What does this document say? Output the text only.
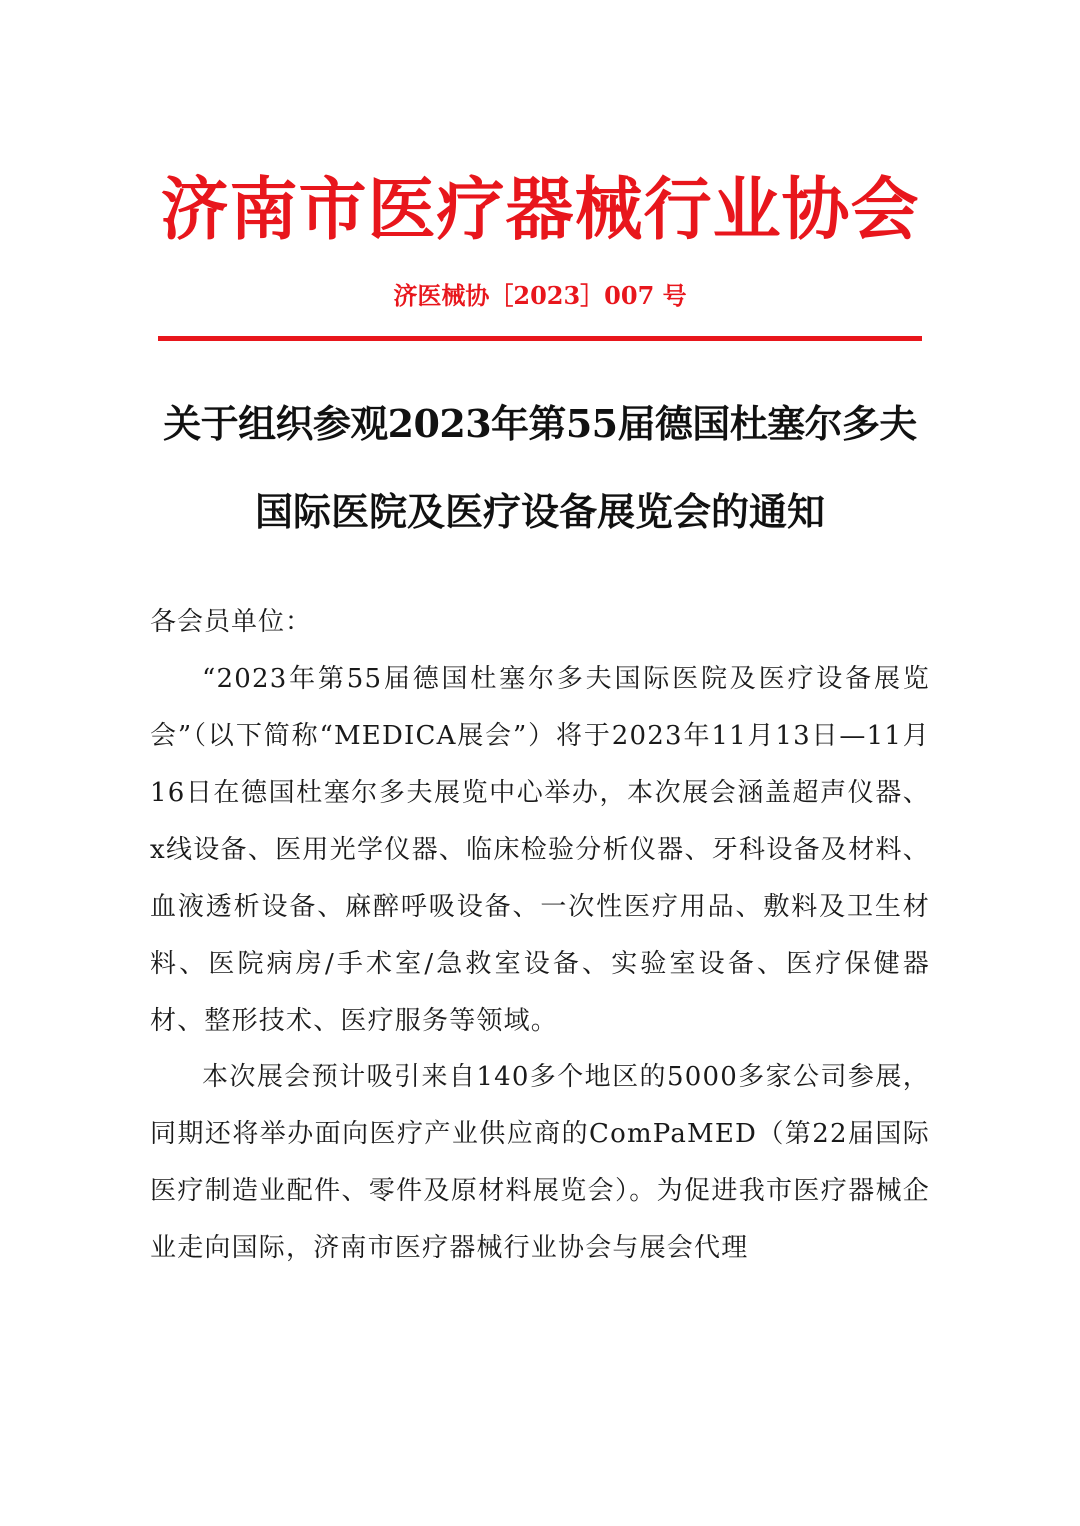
济南市医疗器械行业协会
济医械协［2023］007 号
关于组织参观2023年第55届德国杜塞尔多夫
国际医院及医疗设备展览会的通知
各会员单位：
“2023年第55届德国杜塞尔多夫国际医院及医疗设备展览会”（以下简称“MEDICA展会”）将于2023年11月13日—11月16日在德国杜塞尔多夫展览中心举办，本次展会涵盖超声仪器、x线设备、医用光学仪器、临床检验分析仪器、牙科设备及材料、血液透析设备、麻醉呼吸设备、一次性医疗用品、敷料及卫生材料、医院病房/手术室/急救室设备、实验室设备、医疗保健器材、整形技术、医疗服务等领域。
本次展会预计吸引来自140多个地区的5000多家公司参展，同期还将举办面向医疗产业供应商的ComPaMED（第22届国际医疗制造业配件、零件及原材料展览会）。为促进我市医疗器械企业走向国际，济南市医疗器械行业协会与展会代理
